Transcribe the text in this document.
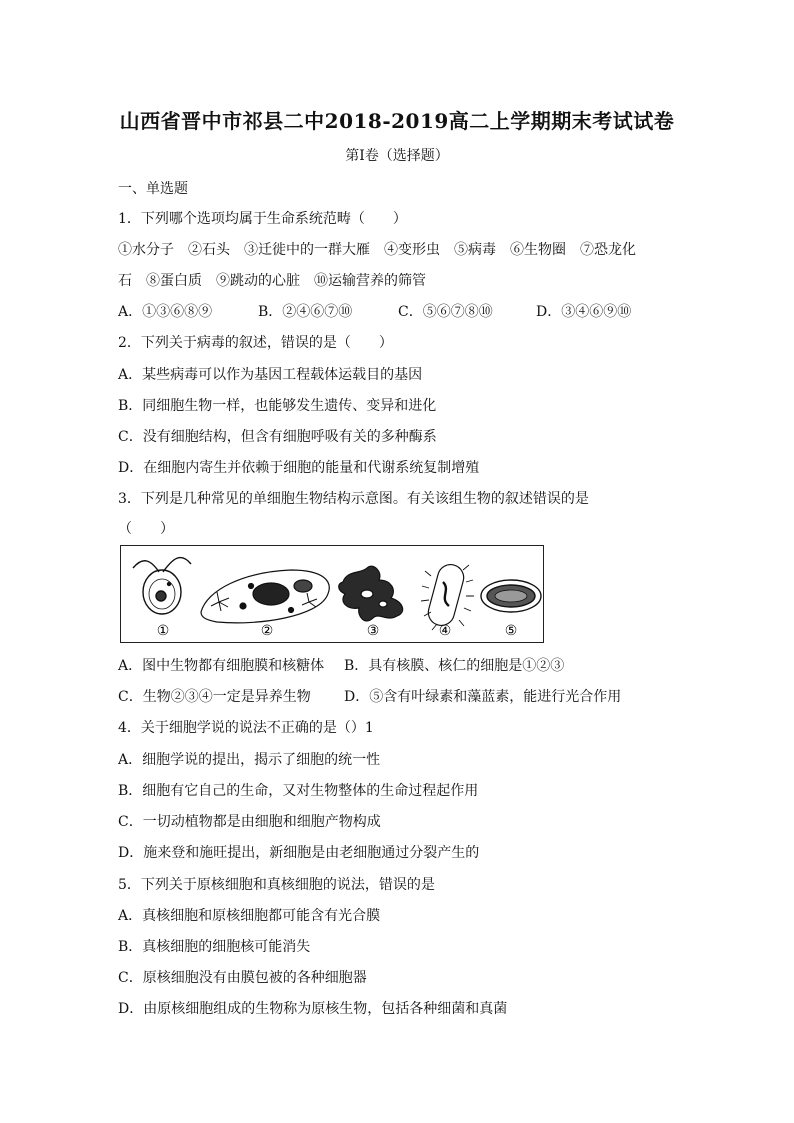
山西省晋中市祁县二中2018-2019高二上学期期末考试试卷
第Ⅰ卷（选择题）
一、单选题
1．下列哪个选项均属于生命系统范畴（　　）
①水分子　②石头　③迁徙中的一群大雁　④变形虫　⑤病毒　⑥生物圈　⑦恐龙化
石　⑧蛋白质　⑨跳动的心脏　⑩运输营养的筛管
A．①③⑥⑧⑨	B．②④⑥⑦⑩	C．⑤⑥⑦⑧⑩	D．③④⑥⑨⑩
2．下列关于病毒的叙述，错误的是（　　）
A．某些病毒可以作为基因工程载体运载目的基因
B．同细胞生物一样，也能够发生遗传、变异和进化
C．没有细胞结构，但含有细胞呼吸有关的多种酶系
D．在细胞内寄生并依赖于细胞的能量和代谢系统复制增殖
3．下列是几种常见的单细胞生物结构示意图。有关该组生物的叙述错误的是
（　　）
①	②	③	④	⑤
A．图中生物都有细胞膜和核糖体 B．具有核膜、核仁的细胞是①②③
C．生物②③④一定是异养生物 D．⑤含有叶绿素和藻蓝素，能进行光合作用
4．关于细胞学说的说法不正确的是（）1
A．细胞学说的提出，揭示了细胞的统一性
B．细胞有它自己的生命，又对生物整体的生命过程起作用
C．一切动植物都是由细胞和细胞产物构成
D．施来登和施旺提出，新细胞是由老细胞通过分裂产生的
5．下列关于原核细胞和真核细胞的说法，错误的是
A．真核细胞和原核细胞都可能含有光合膜
B．真核细胞的细胞核可能消失
C．原核细胞没有由膜包被的各种细胞器
D．由原核细胞组成的生物称为原核生物，包括各种细菌和真菌
